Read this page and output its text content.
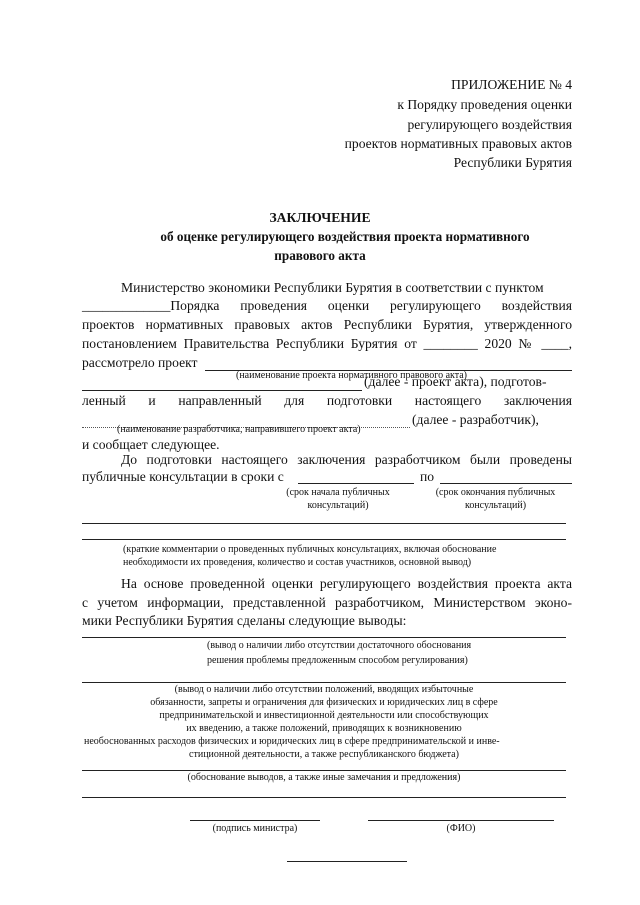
ПРИЛОЖЕНИЕ № 4
к Порядку проведения оценки
регулирующего воздействия
проектов нормативных правовых актов
Республики Бурятия
ЗАКЛЮЧЕНИЕ
об оценке регулирующего воздействия проекта нормативного
правового акта
Министерство экономики Республики Бурятия в соответствии с пунктом
_____________Порядка проведения оценки регулирующего воздействия
проектов нормативных правовых актов Республики Бурятия, утвержденного
постановлением Правительства Республики Бурятия от ________ 2020 № ____,
рассмотрело проект
(наименование проекта нормативного правового акта)
(далее - проект акта), подготов-
ленный и направленный для подготовки настоящего заключения
(далее - разработчик),
(наименование разработчика, направившего проект акта)
и сообщает следующее.
До подготовки настоящего заключения разработчиком были проведены
публичные консультации в сроки с	по
(срок начала публичных
консультаций)
(срок окончания публичных
консультаций)
(краткие комментарии о проведенных публичных консультациях, включая обоснование
необходимости их проведения, количество и состав участников, основной вывод)
На основе проведенной оценки регулирующего воздействия проекта акта
с учетом информации, представленной разработчиком, Министерством эконо-
мики Республики Бурятия сделаны следующие выводы:
(вывод о наличии либо отсутствии достаточного обоснования
решения проблемы предложенным способом регулирования)
(вывод о наличии либо отсутствии положений, вводящих избыточные
обязанности, запреты и ограничения для физических и юридических лиц в сфере
предпринимательской и инвестиционной деятельности или способствующих
их введению, а также положений, приводящих к возникновению
необоснованных расходов физических и юридических лиц в сфере предпринимательской и инве-
стиционной деятельности, а также республиканского бюджета)
(обоснование выводов, а также иные замечания и предложения)
(подпись министра)	(ФИО)
